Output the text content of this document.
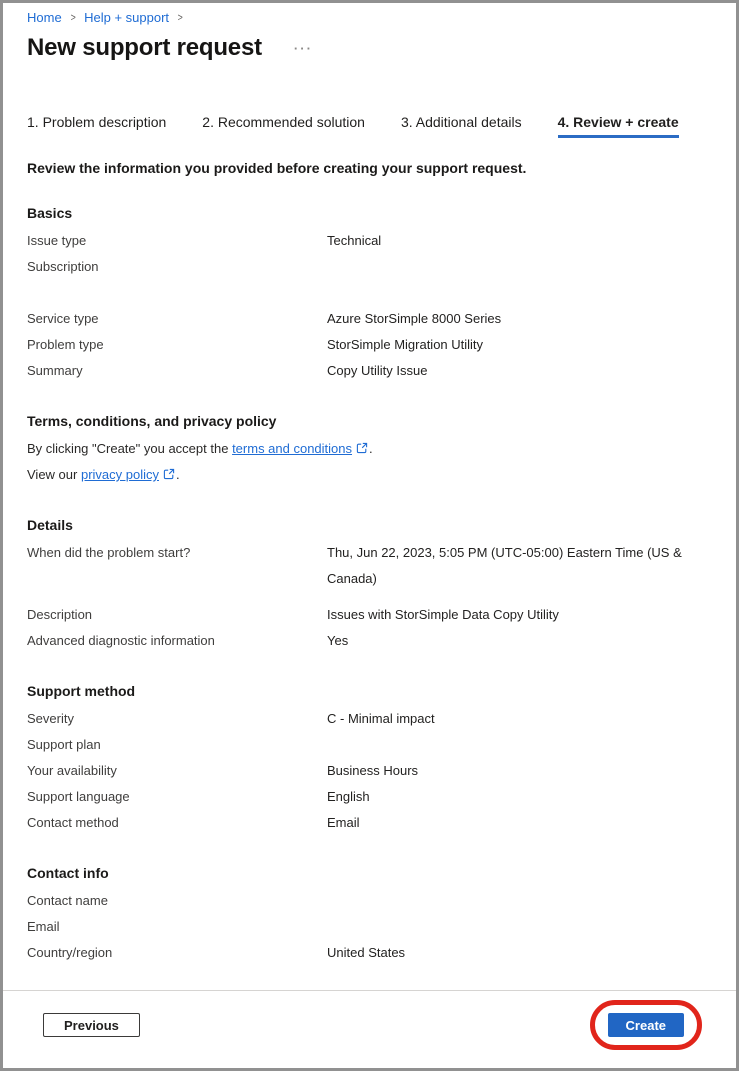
Home > Help + support >
New support request ···
1. Problem description	2. Recommended solution	3. Additional details	4. Review + create

Review the information you provided before creating your support request.

Basics
Issue type	Technical
Subscription
Service type	Azure StorSimple 8000 Series
Problem type	StorSimple Migration Utility
Summary	Copy Utility Issue
Terms, conditions, and privacy policy

By clicking "Create" you accept the terms and conditions .

View our privacy policy .

Details
When did the problem start?	Thu, Jun 22, 2023, 5:05 PM (UTC-05:00) Eastern Time (US & Canada)
Description	Issues with StorSimple Data Copy Utility
Advanced diagnostic information	Yes
Support method
Severity	C - Minimal impact
Support plan
Your availability	Business Hours
Support language	English
Contact method	Email
Contact info
Contact name
Email
Country/region	United States
Previous	Create
